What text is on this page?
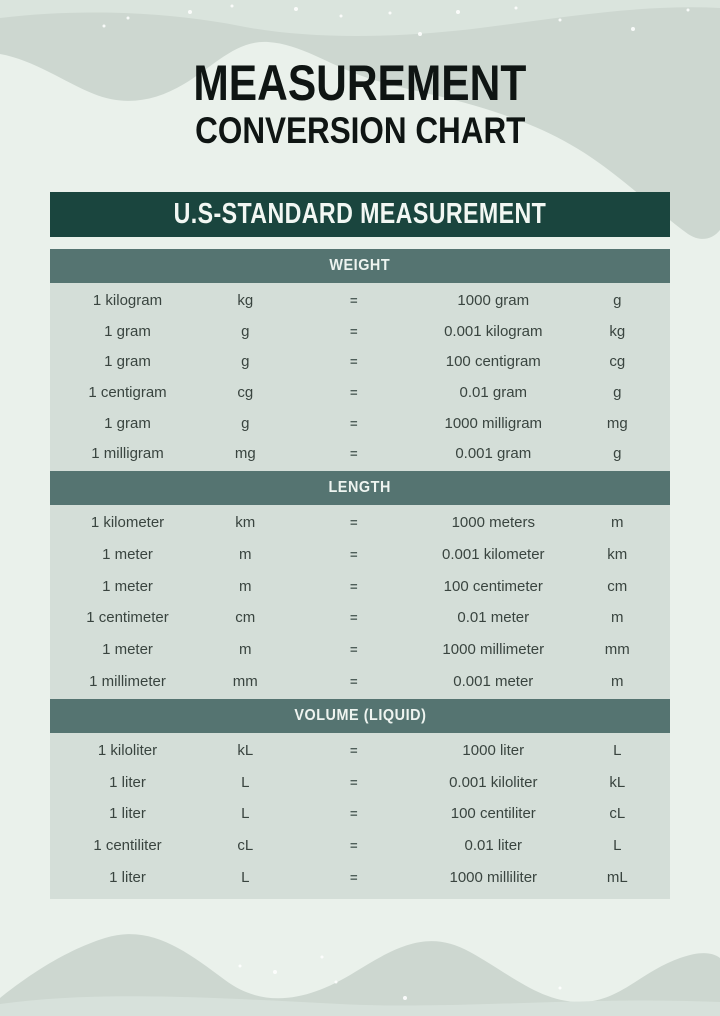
MEASUREMENT
CONVERSION CHART
U.S-STANDARD MEASUREMENT
WEIGHT
1 kilogram	kg	=	1000 gram	g
1 gram	g	=	0.001 kilogram	kg
1 gram	g	=	100 centigram	cg
1 centigram	cg	=	0.01 gram	g
1 gram	g	=	1000 milligram	mg
1 milligram	mg	=	0.001 gram	g
LENGTH
1 kilometer	km	=	1000 meters	m
1 meter	m	=	0.001 kilometer	km
1 meter	m	=	100 centimeter	cm
1 centimeter	cm	=	0.01 meter	m
1 meter	m	=	1000 millimeter	mm
1 millimeter	mm	=	0.001 meter	m
VOLUME (LIQUID)
1 kiloliter	kL	=	1000 liter	L
1 liter	L	=	0.001 kiloliter	kL
1 liter	L	=	100 centiliter	cL
1 centiliter	cL	=	0.01 liter	L
1 liter	L	=	1000 milliliter	mL
